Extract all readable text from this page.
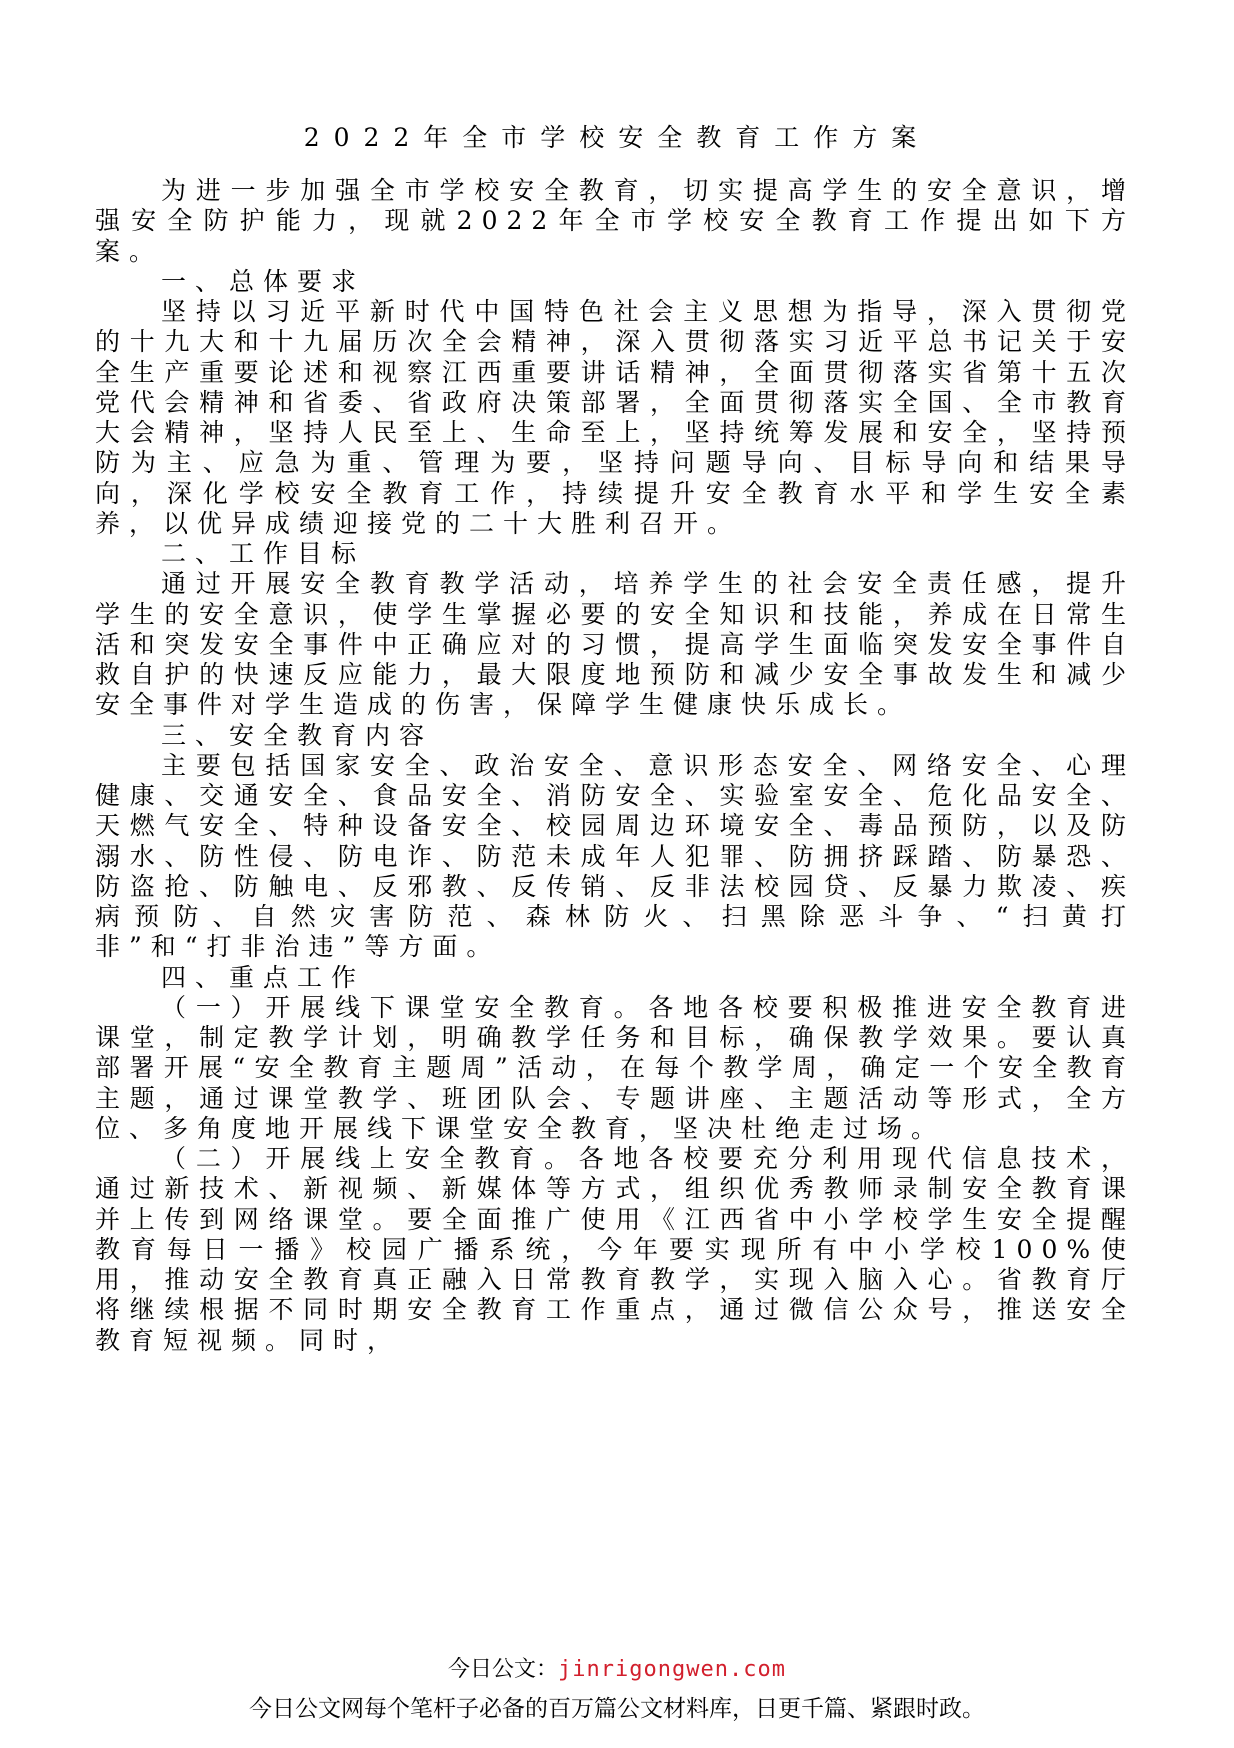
2022年全市学校安全教育工作方案

为进一步加强全市学校安全教育，切实提高学生的安全意识，增强安全防护能力，现就2022年全市学校安全教育工作提出如下方案。

一、总体要求

坚持以习近平新时代中国特色社会主义思想为指导，深入贯彻党的十九大和十九届历次全会精神，深入贯彻落实习近平总书记关于安全生产重要论述和视察江西重要讲话精神，全面贯彻落实省第十五次党代会精神和省委、省政府决策部署，全面贯彻落实全国、全市教育大会精神，坚持人民至上、生命至上，坚持统筹发展和安全，坚持预防为主、应急为重、管理为要，坚持问题导向、目标导向和结果导向，深化学校安全教育工作，持续提升安全教育水平和学生安全素养，以优异成绩迎接党的二十大胜利召开。

二、工作目标

通过开展安全教育教学活动，培养学生的社会安全责任感，提升学生的安全意识，使学生掌握必要的安全知识和技能，养成在日常生活和突发安全事件中正确应对的习惯，提高学生面临突发安全事件自救自护的快速反应能力，最大限度地预防和减少安全事故发生和减少安全事件对学生造成的伤害，保障学生健康快乐成长。

三、安全教育内容

主要包括国家安全、政治安全、意识形态安全、网络安全、心理健康、交通安全、食品安全、消防安全、实验室安全、危化品安全、天燃气安全、特种设备安全、校园周边环境安全、毒品预防，以及防溺水、防性侵、防电诈、防范未成年人犯罪、防拥挤踩踏、防暴恐、防盗抢、防触电、反邪教、反传销、反非法校园贷、反暴力欺凌、疾病预防、自然灾害防范、森林防火、扫黑除恶斗争、“扫黄打非”和“打非治违”等方面。

四、重点工作

（一）开展线下课堂安全教育。各地各校要积极推进安全教育进课堂，制定教学计划，明确教学任务和目标，确保教学效果。要认真部署开展“安全教育主题周”活动，在每个教学周，确定一个安全教育主题，通过课堂教学、班团队会、专题讲座、主题活动等形式，全方位、多角度地开展线下课堂安全教育，坚决杜绝走过场。

（二）开展线上安全教育。各地各校要充分利用现代信息技术，通过新技术、新视频、新媒体等方式，组织优秀教师录制安全教育课并上传到网络课堂。要全面推广使用《江西省中小学校学生安全提醒教育每日一播》校园广播系统，今年要实现所有中小学校100%使用，推动安全教育真正融入日常教育教学，实现入脑入心。省教育厅将继续根据不同时期安全教育工作重点，通过微信公众号，推送安全教育短视频。同时，

今日公文：jinrigongwen.com
今日公文网每个笔杆子必备的百万篇公文材料库，日更千篇、紧跟时政。
